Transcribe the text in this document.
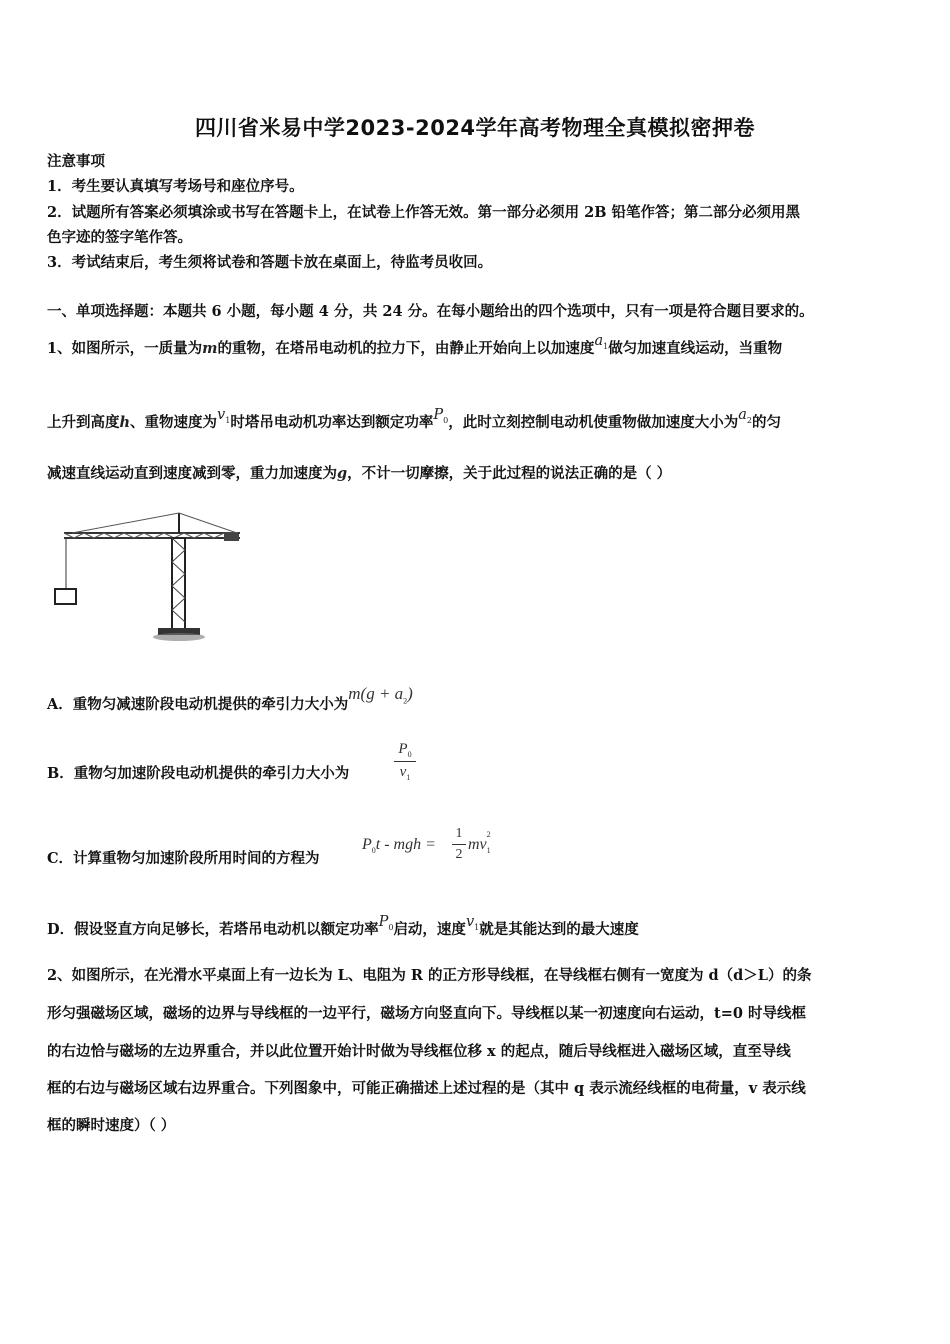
四川省米易中学2023-2024学年高考物理全真模拟密押卷
注意事项
1．考生要认真填写考场号和座位序号。
2．试题所有答案必须填涂或书写在答题卡上，在试卷上作答无效。第一部分必须用 2B 铅笔作答；第二部分必须用黑
色字迹的签字笔作答。
3．考试结束后，考生须将试卷和答题卡放在桌面上，待监考员收回。
一、单项选择题：本题共 6 小题，每小题 4 分，共 24 分。在每小题给出的四个选项中，只有一项是符合题目要求的。
1、如图所示，一质量为m的重物，在塔吊电动机的拉力下，由静止开始向上以加速度$a_1$做匀加速直线运动，当重物
上升到高度h、重物速度为$v_1$时塔吊电动机功率达到额定功率$P_0$，此时立刻控制电动机使重物做加速度大小为$a_2$的匀
减速直线运动直到速度减到零，重力加速度为g，不计一切摩擦，关于此过程的说法正确的是（ ）
A．重物匀减速阶段电动机提供的牵引力大小为$m(g + a_2)$
B．重物匀加速阶段电动机提供的牵引力大小为
$P_0$
$v_1$
C．计算重物匀加速阶段所用时间的方程为
$P_0t$ - mgh =
1
2
mv
2
$_1$
D．假设竖直方向足够长，若塔吊电动机以额定功率$P_0$启动，速度$v_1$就是其能达到的最大速度
2、如图所示，在光滑水平桌面上有一边长为 L、电阻为 R 的正方形导线框，在导线框右侧有一宽度为 d（d＞L）的条
形匀强磁场区域，磁场的边界与导线框的一边平行，磁场方向竖直向下。导线框以某一初速度向右运动，t=0 时导线框
的右边恰与磁场的左边界重合，并以此位置开始计时做为导线框位移 x 的起点，随后导线框进入磁场区域，直至导线
框的右边与磁场区域右边界重合。下列图象中，可能正确描述上述过程的是（其中 q 表示流经线框的电荷量，v 表示线
框的瞬时速度）（ ）
